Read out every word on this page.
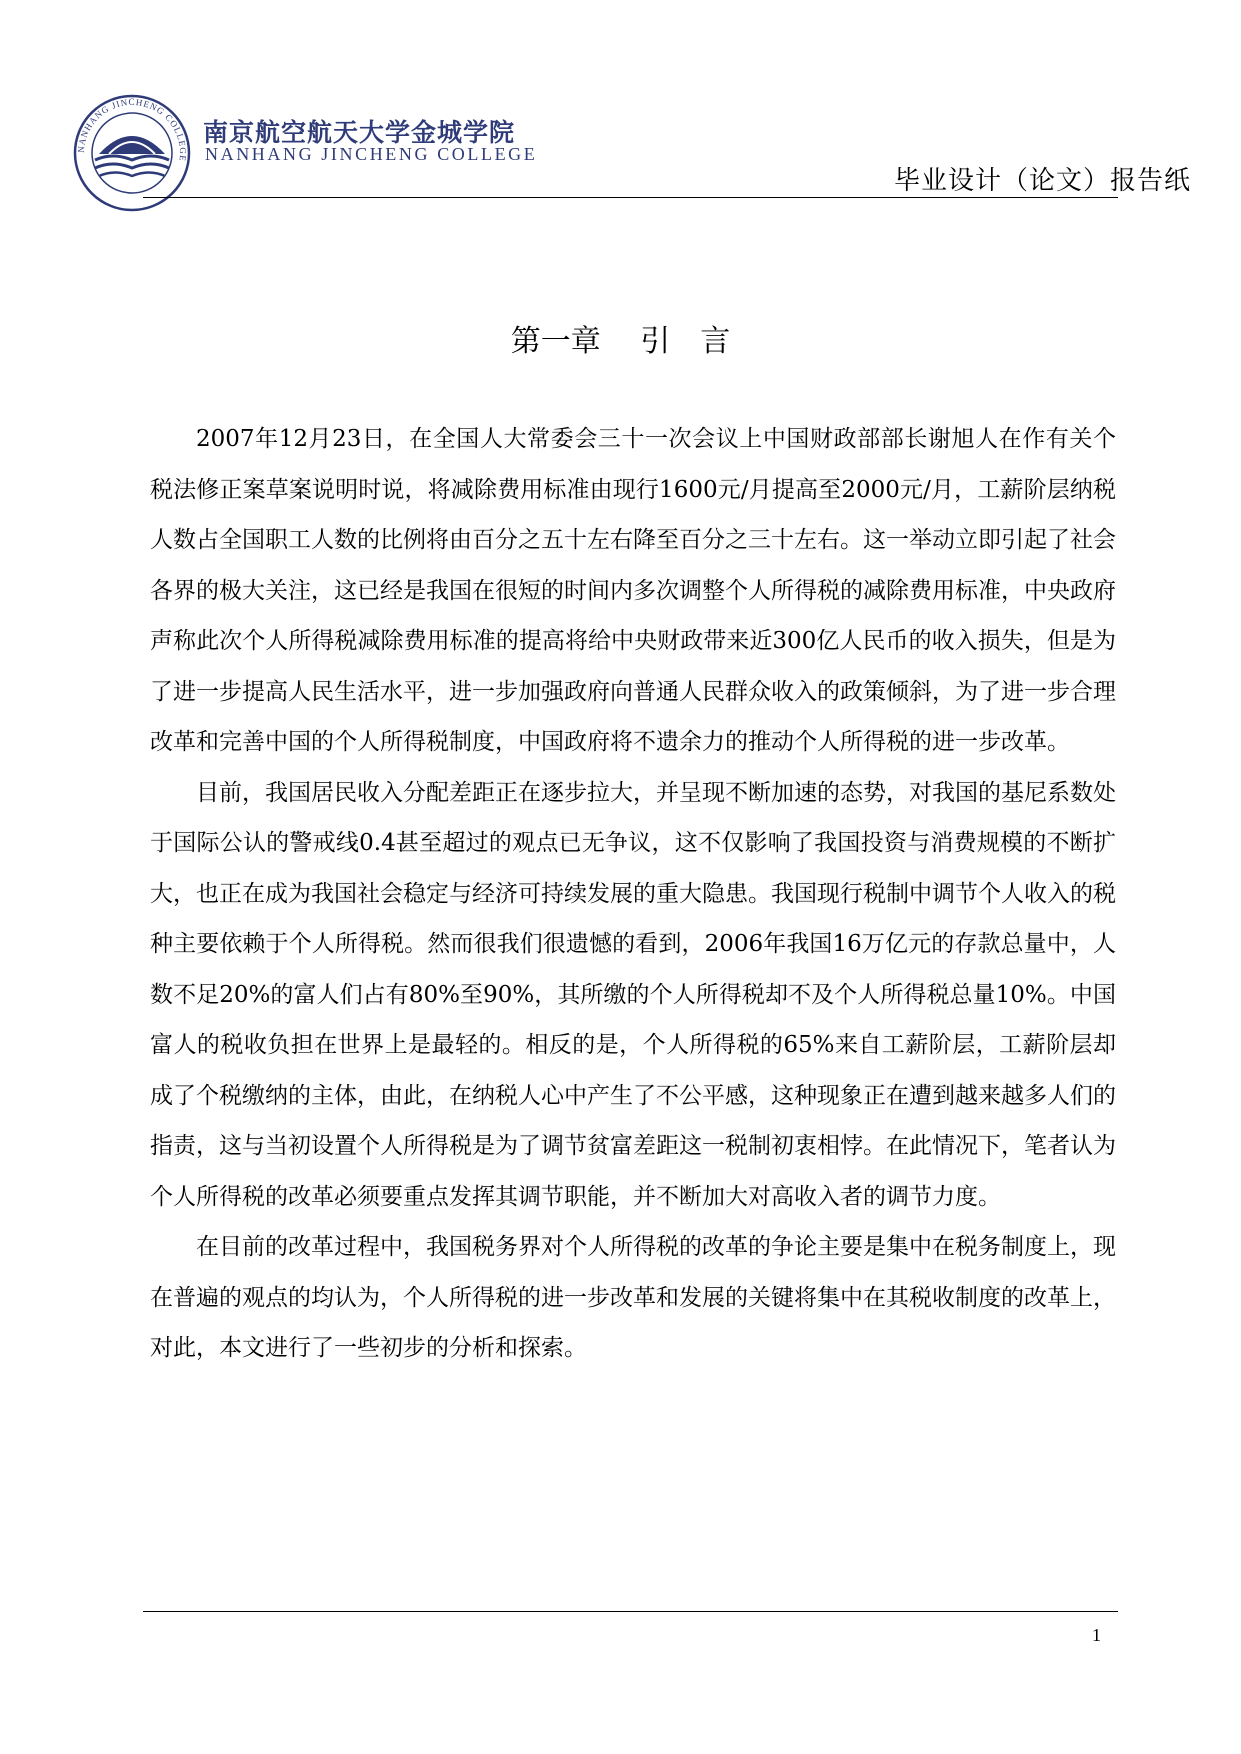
NANHANG JINCHENG COLLEGE
南京航空航天大学金城学院
NANHANG JINCHENG COLLEGE
毕业设计（论文）报告纸
第一章　 引　言

2007年12月23日，在全国人大常委会三十一次会议上中国财政部部长谢旭人在作有关个税法修正案草案说明时说，将减除费用标准由现行1600元/月提高至2000元/月，工薪阶层纳税人数占全国职工人数的比例将由百分之五十左右降至百分之三十左右。这一举动立即引起了社会各界的极大关注，这已经是我国在很短的时间内多次调整个人所得税的减除费用标准，中央政府声称此次个人所得税减除费用标准的提高将给中央财政带来近300亿人民币的收入损失，但是为了进一步提高人民生活水平，进一步加强政府向普通人民群众收入的政策倾斜，为了进一步合理改革和完善中国的个人所得税制度，中国政府将不遗余力的推动个人所得税的进一步改革。

目前，我国居民收入分配差距正在逐步拉大，并呈现不断加速的态势，对我国的基尼系数处于国际公认的警戒线0.4甚至超过的观点已无争议，这不仅影响了我国投资与消费规模的不断扩大，也正在成为我国社会稳定与经济可持续发展的重大隐患。我国现行税制中调节个人收入的税种主要依赖于个人所得税。然而很我们很遗憾的看到，2006年我国16万亿元的存款总量中，人数不足20%的富人们占有80%至90%，其所缴的个人所得税却不及个人所得税总量10%。中国富人的税收负担在世界上是最轻的。相反的是，个人所得税的65%来自工薪阶层，工薪阶层却成了个税缴纳的主体，由此，在纳税人心中产生了不公平感，这种现象正在遭到越来越多人们的指责，这与当初设置个人所得税是为了调节贫富差距这一税制初衷相悖。在此情况下，笔者认为个人所得税的改革必须要重点发挥其调节职能，并不断加大对高收入者的调节力度。

在目前的改革过程中，我国税务界对个人所得税的改革的争论主要是集中在税务制度上，现在普遍的观点的均认为，个人所得税的进一步改革和发展的关键将集中在其税收制度的改革上，对此，本文进行了一些初步的分析和探索。

1
